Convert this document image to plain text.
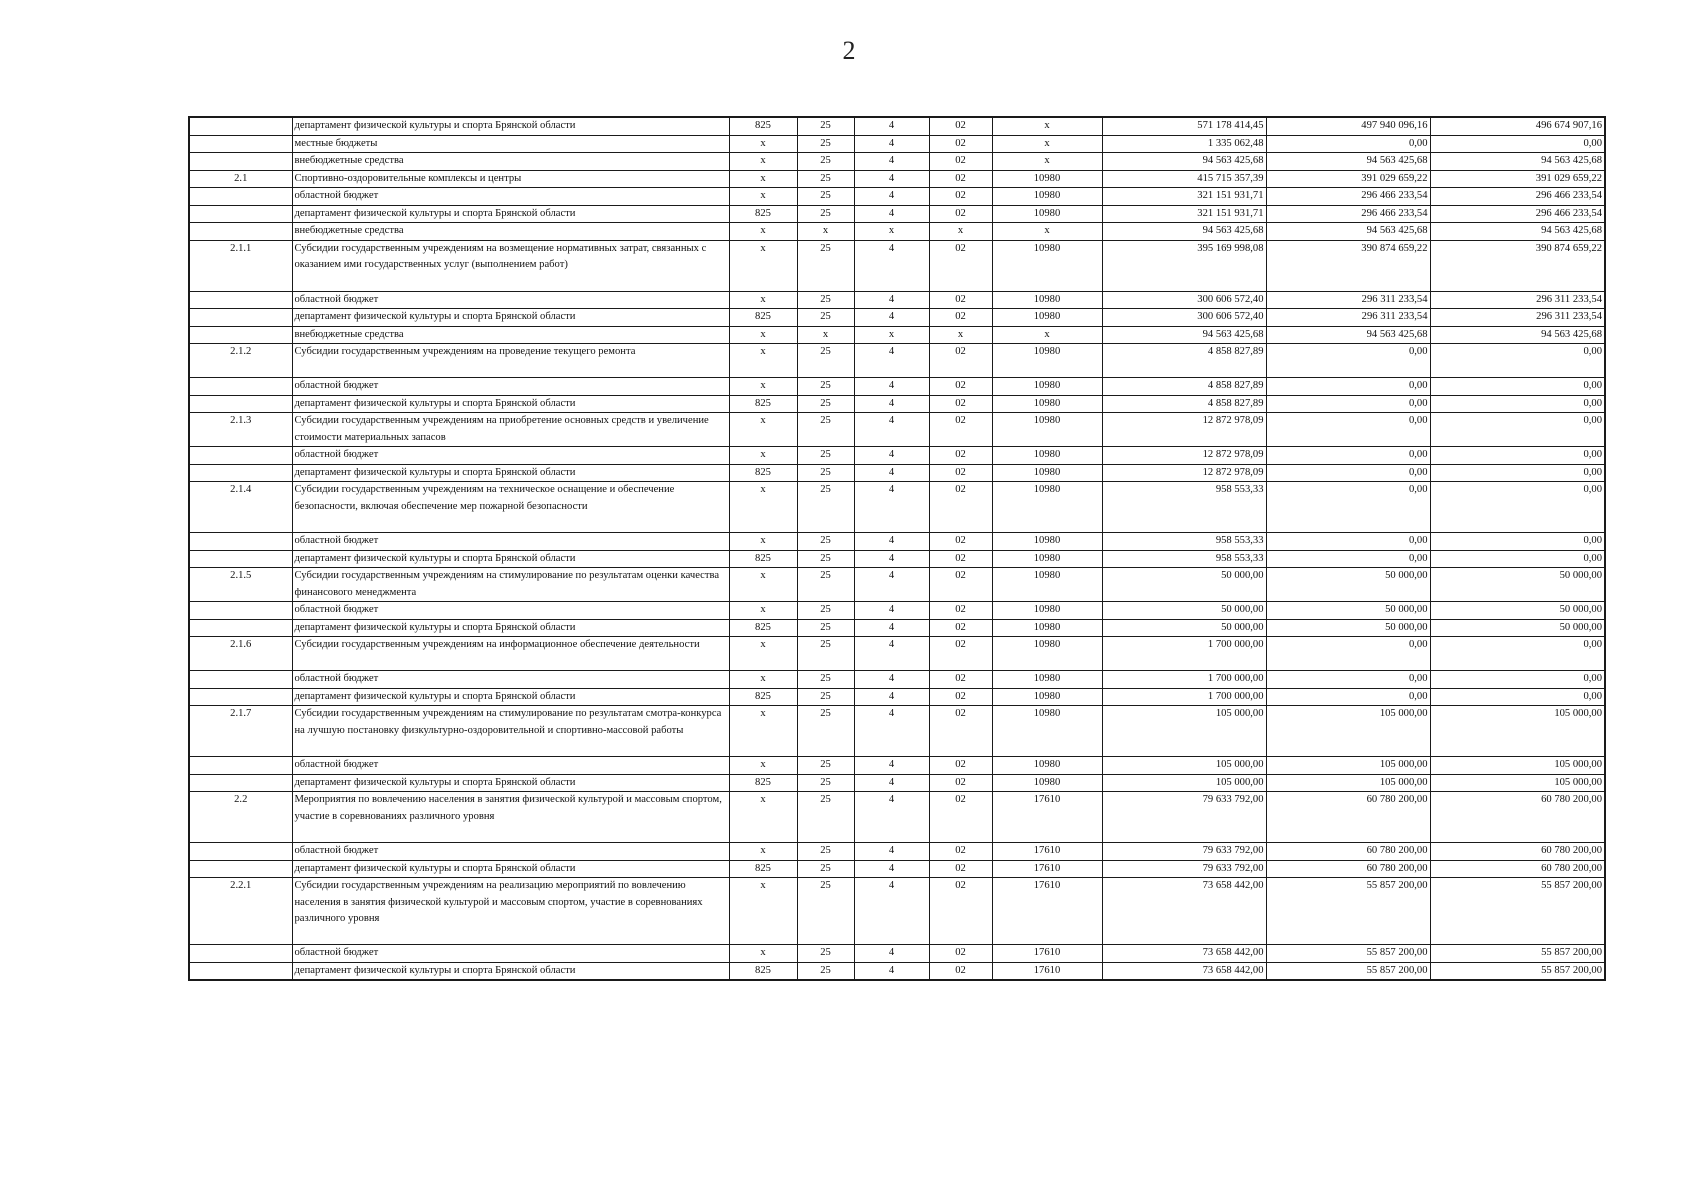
2
	департамент физической культуры и спорта Брянской области	825	25	4	02	х	571 178 414,45	497 940 096,16	496 674 907,16
	местные бюджеты	х	25	4	02	х	1 335 062,48	0,00	0,00
	внебюджетные средства	х	25	4	02	х	94 563 425,68	94 563 425,68	94 563 425,68
2.1	Спортивно-оздоровительные комплексы и центры	х	25	4	02	10980	415 715 357,39	391 029 659,22	391 029 659,22
	областной бюджет	х	25	4	02	10980	321 151 931,71	296 466 233,54	296 466 233,54
	департамент физической культуры и спорта Брянской области	825	25	4	02	10980	321 151 931,71	296 466 233,54	296 466 233,54
	внебюджетные средства	х	х	х	х	х	94 563 425,68	94 563 425,68	94 563 425,68
2.1.1	Субсидии государственным учреждениям на возмещение нормативных затрат, связанных с оказанием ими государственных услуг (выполнением работ)	х	25	4	02	10980	395 169 998,08	390 874 659,22	390 874 659,22
	областной бюджет	х	25	4	02	10980	300 606 572,40	296 311 233,54	296 311 233,54
	департамент физической культуры и спорта Брянской области	825	25	4	02	10980	300 606 572,40	296 311 233,54	296 311 233,54
	внебюджетные средства	х	х	х	х	х	94 563 425,68	94 563 425,68	94 563 425,68
2.1.2	Субсидии государственным учреждениям на проведение текущего ремонта	х	25	4	02	10980	4 858 827,89	0,00	0,00
	областной бюджет	х	25	4	02	10980	4 858 827,89	0,00	0,00
	департамент физической культуры и спорта Брянской области	825	25	4	02	10980	4 858 827,89	0,00	0,00
2.1.3	Субсидии государственным учреждениям на приобретение основных средств и увеличение стоимости материальных запасов	х	25	4	02	10980	12 872 978,09	0,00	0,00
	областной бюджет	х	25	4	02	10980	12 872 978,09	0,00	0,00
	департамент физической культуры и спорта Брянской области	825	25	4	02	10980	12 872 978,09	0,00	0,00
2.1.4	Субсидии государственным учреждениям на техническое оснащение и обеспечение безопасности, включая обеспечение мер пожарной безопасности	х	25	4	02	10980	958 553,33	0,00	0,00
	областной бюджет	х	25	4	02	10980	958 553,33	0,00	0,00
	департамент физической культуры и спорта Брянской области	825	25	4	02	10980	958 553,33	0,00	0,00
2.1.5	Субсидии государственным учреждениям на стимулирование по результатам оценки качества финансового менеджмента	х	25	4	02	10980	50 000,00	50 000,00	50 000,00
	областной бюджет	х	25	4	02	10980	50 000,00	50 000,00	50 000,00
	департамент физической культуры и спорта Брянской области	825	25	4	02	10980	50 000,00	50 000,00	50 000,00
2.1.6	Субсидии государственным учреждениям на информационное обеспечение деятельности	х	25	4	02	10980	1 700 000,00	0,00	0,00
	областной бюджет	х	25	4	02	10980	1 700 000,00	0,00	0,00
	департамент физической культуры и спорта Брянской области	825	25	4	02	10980	1 700 000,00	0,00	0,00
2.1.7	Субсидии государственным учреждениям на стимулирование по результатам смотра-конкурса на лучшую постановку физкультурно-оздоровительной и спортивно-массовой работы	х	25	4	02	10980	105 000,00	105 000,00	105 000,00
	областной бюджет	х	25	4	02	10980	105 000,00	105 000,00	105 000,00
	департамент физической культуры и спорта Брянской области	825	25	4	02	10980	105 000,00	105 000,00	105 000,00
2.2	Мероприятия по вовлечению населения в занятия физической культурой и массовым спортом, участие в соревнованиях различного уровня	х	25	4	02	17610	79 633 792,00	60 780 200,00	60 780 200,00
	областной бюджет	х	25	4	02	17610	79 633 792,00	60 780 200,00	60 780 200,00
	департамент физической культуры и спорта Брянской области	825	25	4	02	17610	79 633 792,00	60 780 200,00	60 780 200,00
2.2.1	Субсидии государственным учреждениям на реализацию мероприятий по вовлечению населения в занятия физической культурой и массовым спортом, участие в соревнованиях различного уровня	х	25	4	02	17610	73 658 442,00	55 857 200,00	55 857 200,00
	областной бюджет	х	25	4	02	17610	73 658 442,00	55 857 200,00	55 857 200,00
	департамент физической культуры и спорта Брянской области	825	25	4	02	17610	73 658 442,00	55 857 200,00	55 857 200,00
